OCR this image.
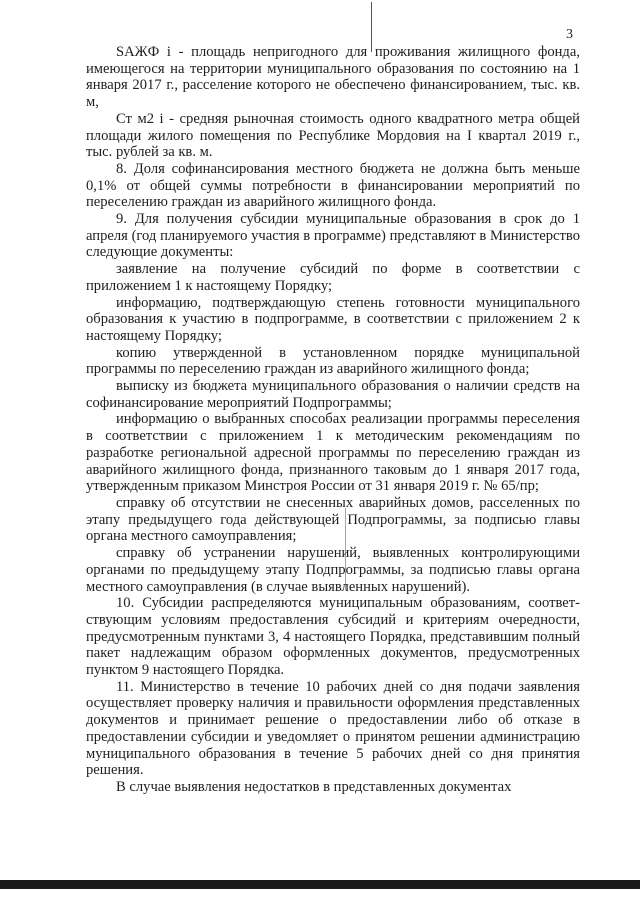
3

SАЖФ i - площадь непригодного для проживания жилищного фонда, имеющегося на территории муниципального образования по состоянию на 1 января 2017 г., расселение которого не обеспечено финансированием, тыс. кв. м,

Ст м2 i - средняя рыночная стоимость одного квадратного метра общей площади жилого помещения по Республике Мордовия на I квартал 2019 г., тыс. рублей за кв. м.

8. Доля софинансирования местного бюджета не должна быть меньше 0,1% от общей суммы потребности в финансировании мероприятий по переселению граждан из аварийного жилищного фонда.

9. Для получения субсидии муниципальные образования в срок до 1 апреля (год планируемого участия в программе) представляют в Министерство следующие документы:

заявление на получение субсидий по форме в соответствии с приложением 1 к настоящему Порядку;

информацию, подтверждающую степень готовности муниципального образования к участию в подпрограмме, в соответствии с приложением 2 к настоящему Порядку;

копию утвержденной в установленном порядке муниципальной программы по переселению граждан из аварийного жилищного фонда;

выписку из бюджета муниципального образования о наличии средств на софинансирование мероприятий Подпрограммы;

информацию о выбранных способах реализации программы переселения в соответствии с приложением 1 к методическим рекомендациям по разработке региональной адресной программы по переселению граждан из аварийного жилищного фонда, признанного таковым до 1 января 2017 года, утвержденным приказом Минстроя России от 31 января 2019 г. № 65/пр;

справку об отсутствии не снесенных аварийных домов, расселенных по этапу предыдущего года действующей Подпрограммы, за подписью главы органа местного самоуправления;

справку об устранении нарушений, выявленных контролирующими органами по предыдущему этапу Подпрограммы, за подписью главы органа местного самоуправления (в случае выявленных нарушений).

10. Субсидии распределяются муниципальным образованиям, соответ-ствующим условиям предоставления субсидий и критериям очередности, предусмотренным пунктами 3, 4 настоящего Порядка, представившим полный пакет надлежащим образом оформленных документов, предусмотренных пунктом 9 настоящего Порядка.

11. Министерство в течение 10 рабочих дней со дня подачи заявления осуществляет проверку наличия и правильности оформления представленных документов и принимает решение о предоставлении либо об отказе в предоставлении субсидии и уведомляет о принятом решении администрацию муниципального образования в течение 5 рабочих дней со дня принятия решения.

В случае выявления недостатков в представленных документах
